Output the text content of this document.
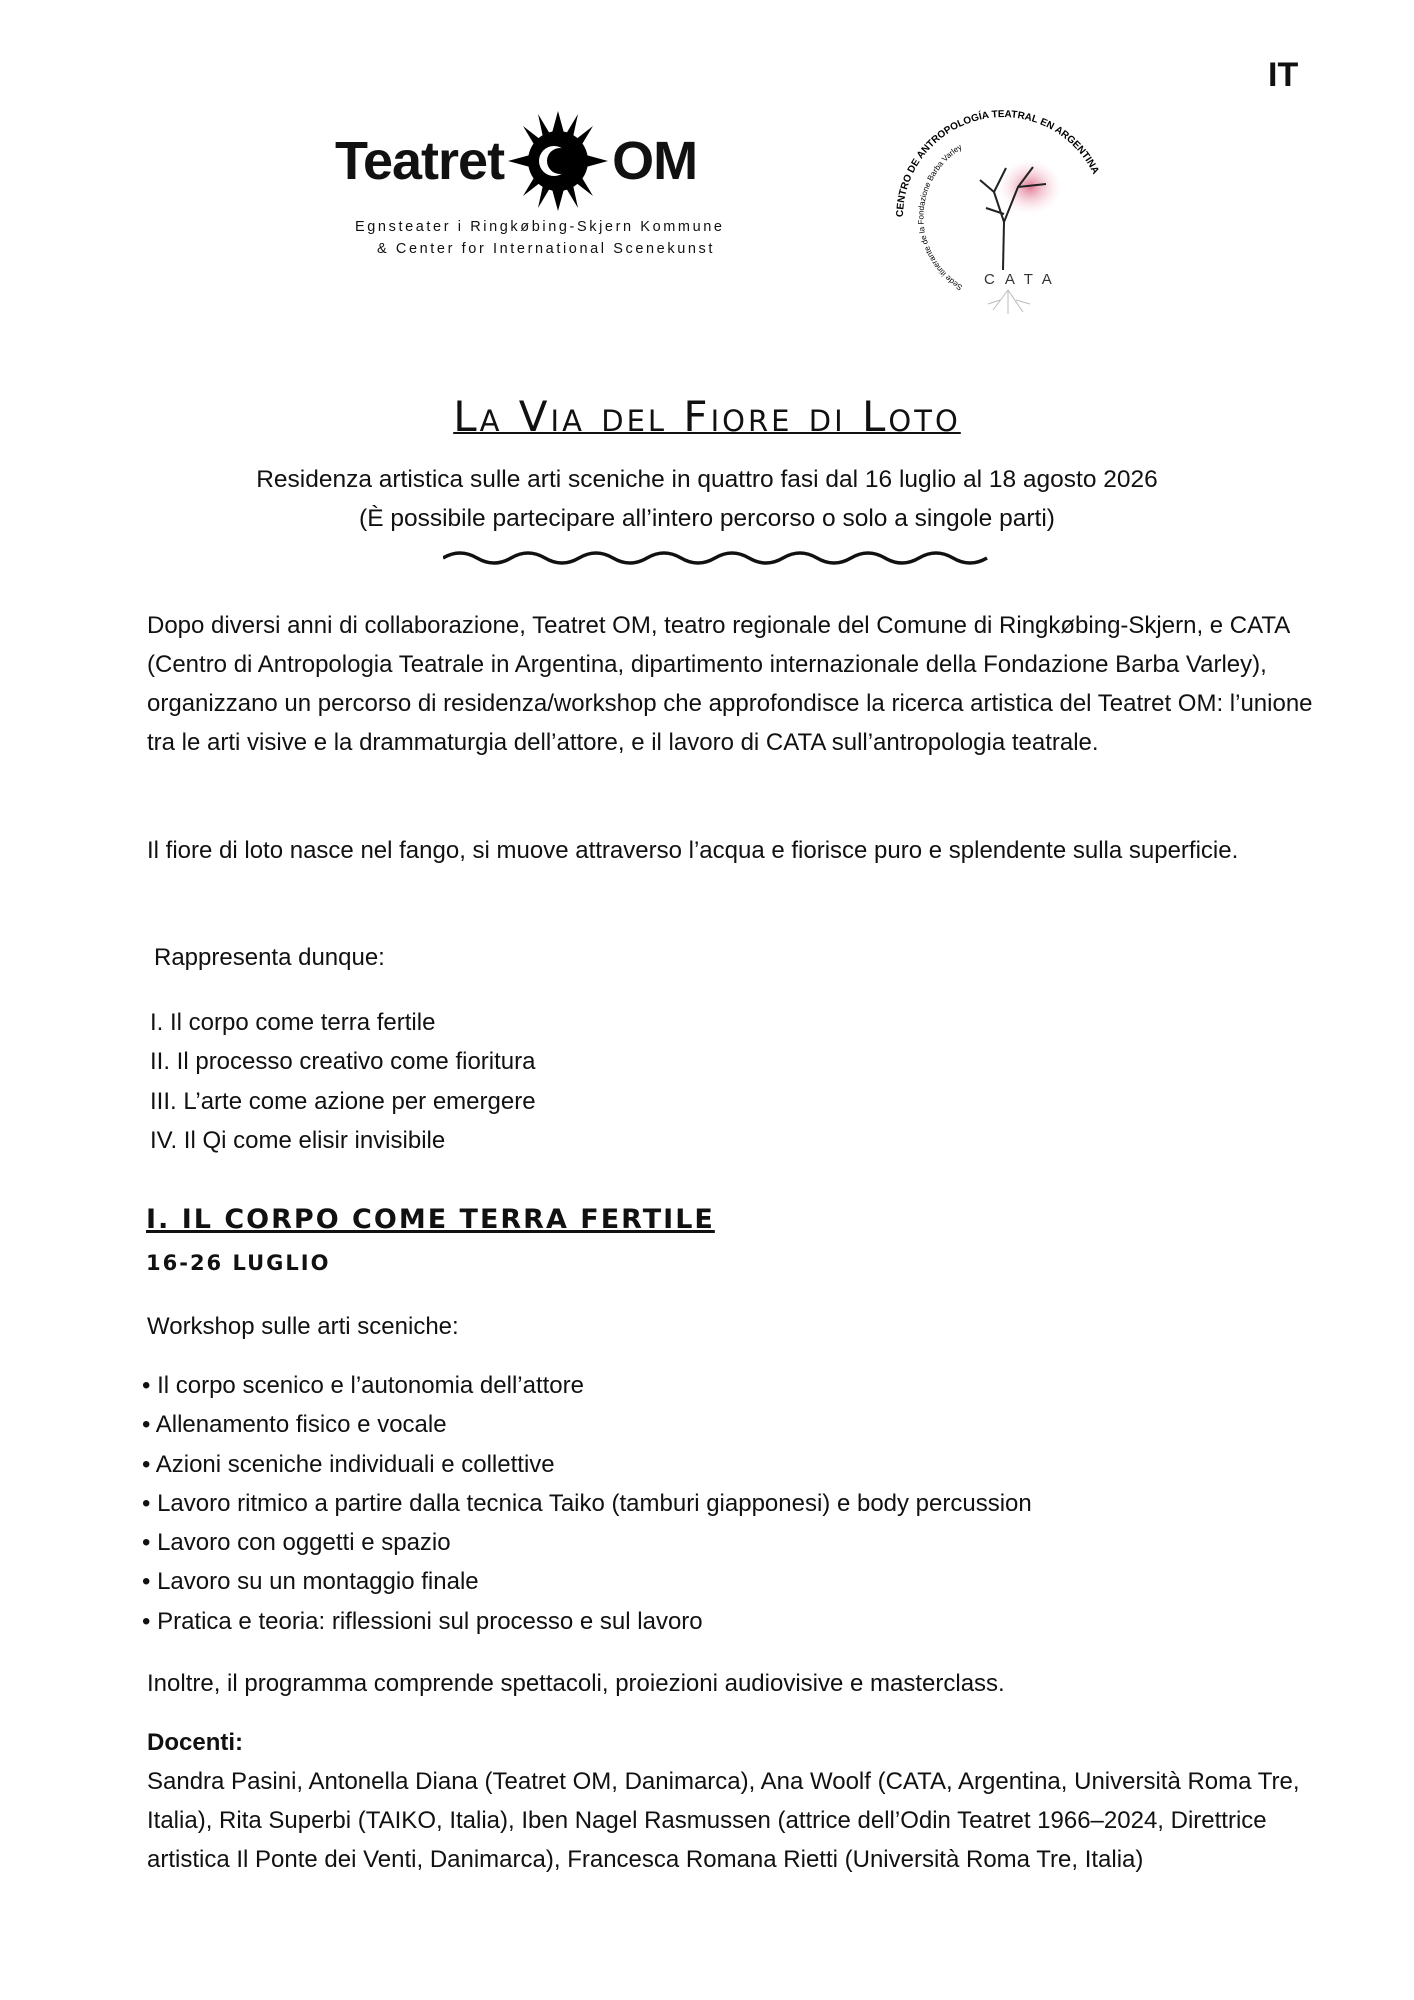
IT
Teatret OM
Egnsteater i Ringkøbing-Skjern Kommune
& Center for International Scenekunst
CENTRO DE ANTROPOLOGÍA TEATRAL EN ARGENTINA
Sede itinerante de la Fondazione Barba Varley
CATA
La Via del Fiore di Loto
Residenza artistica sulle arti sceniche in quattro fasi dal 16 luglio al 18 agosto 2026
(È possibile partecipare all’intero percorso o solo a singole parti)
Dopo diversi anni di collaborazione, Teatret OM, teatro regionale del Comune di Ringkøbing-Skjern, e CATA (Centro di Antropologia Teatrale in Argentina, dipartimento internazionale della Fondazione Barba Varley), organizzano un percorso di residenza/workshop che approfondisce la ricerca artistica del Teatret OM: l’unione tra le arti visive e la drammaturgia dell’attore, e il lavoro di CATA sull’antropologia teatrale.
Il fiore di loto nasce nel fango, si muove attraverso l’acqua e fiorisce puro e splendente sulla superficie.
Rappresenta dunque:
I. Il corpo come terra fertile
II. Il processo creativo come fioritura
III. L’arte come azione per emergere
IV. Il Qi come elisir invisibile
I. IL CORPO COME TERRA FERTILE
16-26 LUGLIO
Workshop sulle arti sceniche:
• Il corpo scenico e l’autonomia dell’attore
• Allenamento fisico e vocale
• Azioni sceniche individuali e collettive
• Lavoro ritmico a partire dalla tecnica Taiko (tamburi giapponesi) e body percussion
• Lavoro con oggetti e spazio
• Lavoro su un montaggio finale
• Pratica e teoria: riflessioni sul processo e sul lavoro
Inoltre, il programma comprende spettacoli, proiezioni audiovisive e masterclass.
Docenti:
Sandra Pasini, Antonella Diana (Teatret OM, Danimarca), Ana Woolf (CATA, Argentina, Università Roma Tre, Italia), Rita Superbi (TAIKO, Italia), Iben Nagel Rasmussen (attrice dell’Odin Teatret 1966–2024, Direttrice artistica Il Ponte dei Venti, Danimarca), Francesca Romana Rietti (Università Roma Tre, Italia)
